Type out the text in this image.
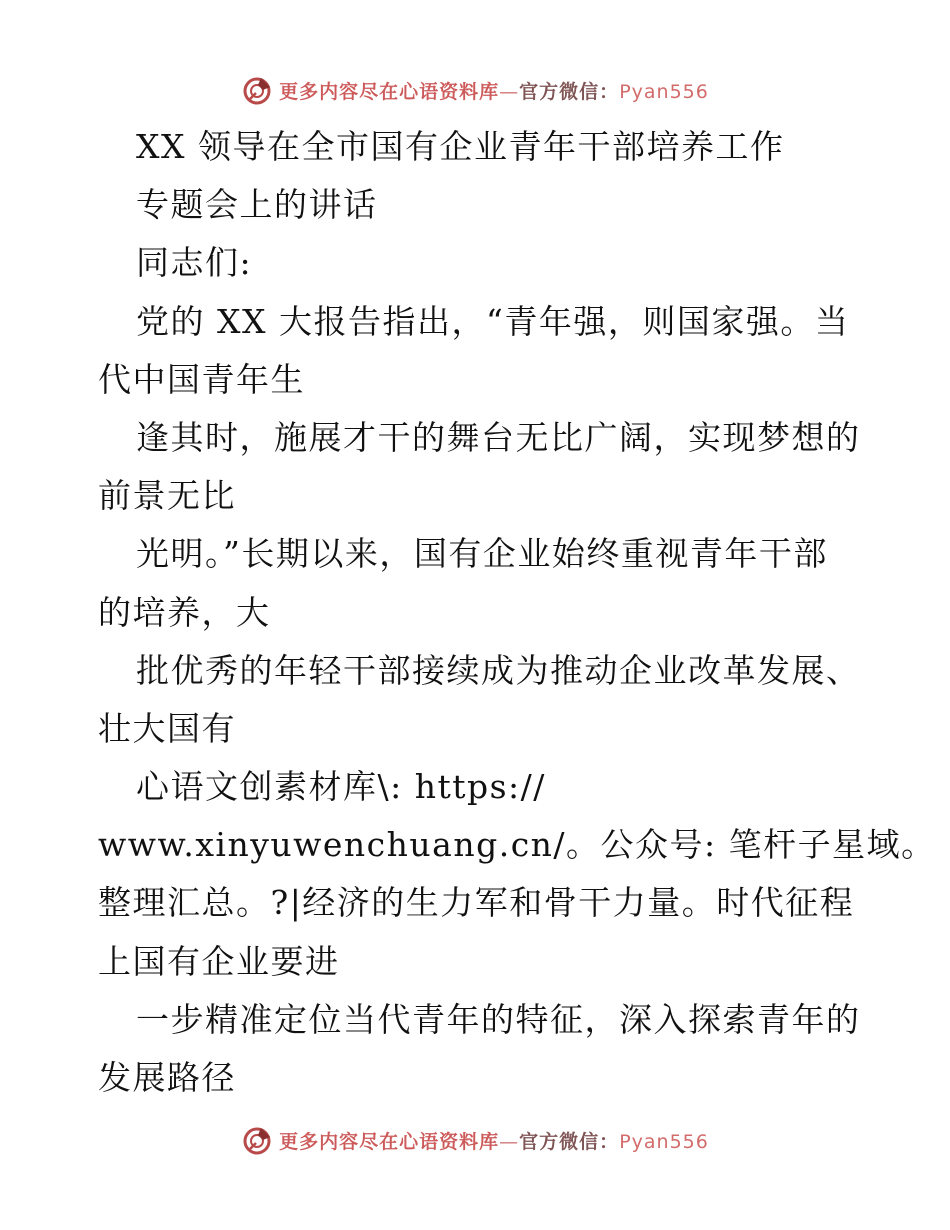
更多内容尽在心语资料库—官方微信：Pyan556
XX 领导在全市国有企业青年干部培养工作
专题会上的讲话
同志们:
党的 XX 大报告指出，“青年强，则国家强。当
代中国青年生
逢其时，施展才干的舞台无比广阔，实现梦想的
前景无比
光明。”长期以来，国有企业始终重视青年干部
的培养，大
批优秀的年轻干部接续成为推动企业改革发展、
壮大国有
心语文创素材库\: https://
www.xinyuwenchuang.cn/。公众号: 笔杆子星域。
整理汇总。?|经济的生力军和骨干力量。时代征程
上国有企业要进
一步精准定位当代青年的特征，深入探索青年的
发展路径
更多内容尽在心语资料库—官方微信：Pyan556
